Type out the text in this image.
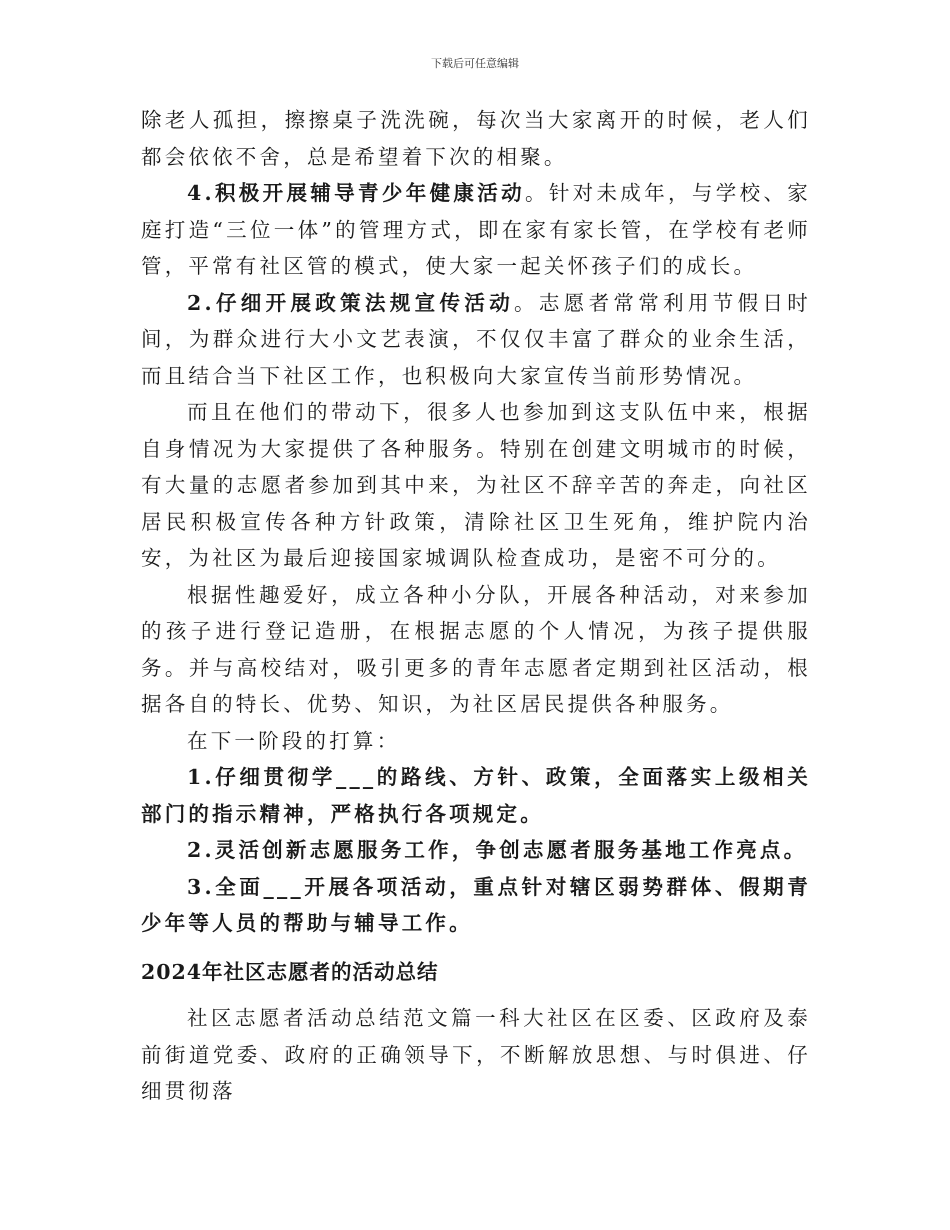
下载后可任意编辑

除老人孤担，擦擦桌子洗洗碗，每次当大家离开的时候，老人们都会依依不舍，总是希望着下次的相聚。

4.积极开展辅导青少年健康活动。针对未成年，与学校、家庭打造“三位一体”的管理方式，即在家有家长管，在学校有老师管，平常有社区管的模式，使大家一起关怀孩子们的成长。

2.仔细开展政策法规宣传活动。志愿者常常利用节假日时间，为群众进行大小文艺表演，不仅仅丰富了群众的业余生活，而且结合当下社区工作，也积极向大家宣传当前形势情况。

而且在他们的带动下，很多人也参加到这支队伍中来，根据自身情况为大家提供了各种服务。特别在创建文明城市的时候，有大量的志愿者参加到其中来，为社区不辞辛苦的奔走，向社区居民积极宣传各种方针政策，清除社区卫生死角，维护院内治安，为社区为最后迎接国家城调队检查成功，是密不可分的。

根据性趣爱好，成立各种小分队，开展各种活动，对来参加的孩子进行登记造册，在根据志愿的个人情况，为孩子提供服务。并与高校结对，吸引更多的青年志愿者定期到社区活动，根据各自的特长、优势、知识，为社区居民提供各种服务。

在下一阶段的打算：

1.仔细贯彻学___的路线、方针、政策，全面落实上级相关部门的指示精神，严格执行各项规定。

2.灵活创新志愿服务工作，争创志愿者服务基地工作亮点。

3.全面___开展各项活动，重点针对辖区弱势群体、假期青少年等人员的帮助与辅导工作。

2024年社区志愿者的活动总结

社区志愿者活动总结范文篇一科大社区在区委、区政府及泰前街道党委、政府的正确领导下，不断解放思想、与时俱进、仔细贯彻落
